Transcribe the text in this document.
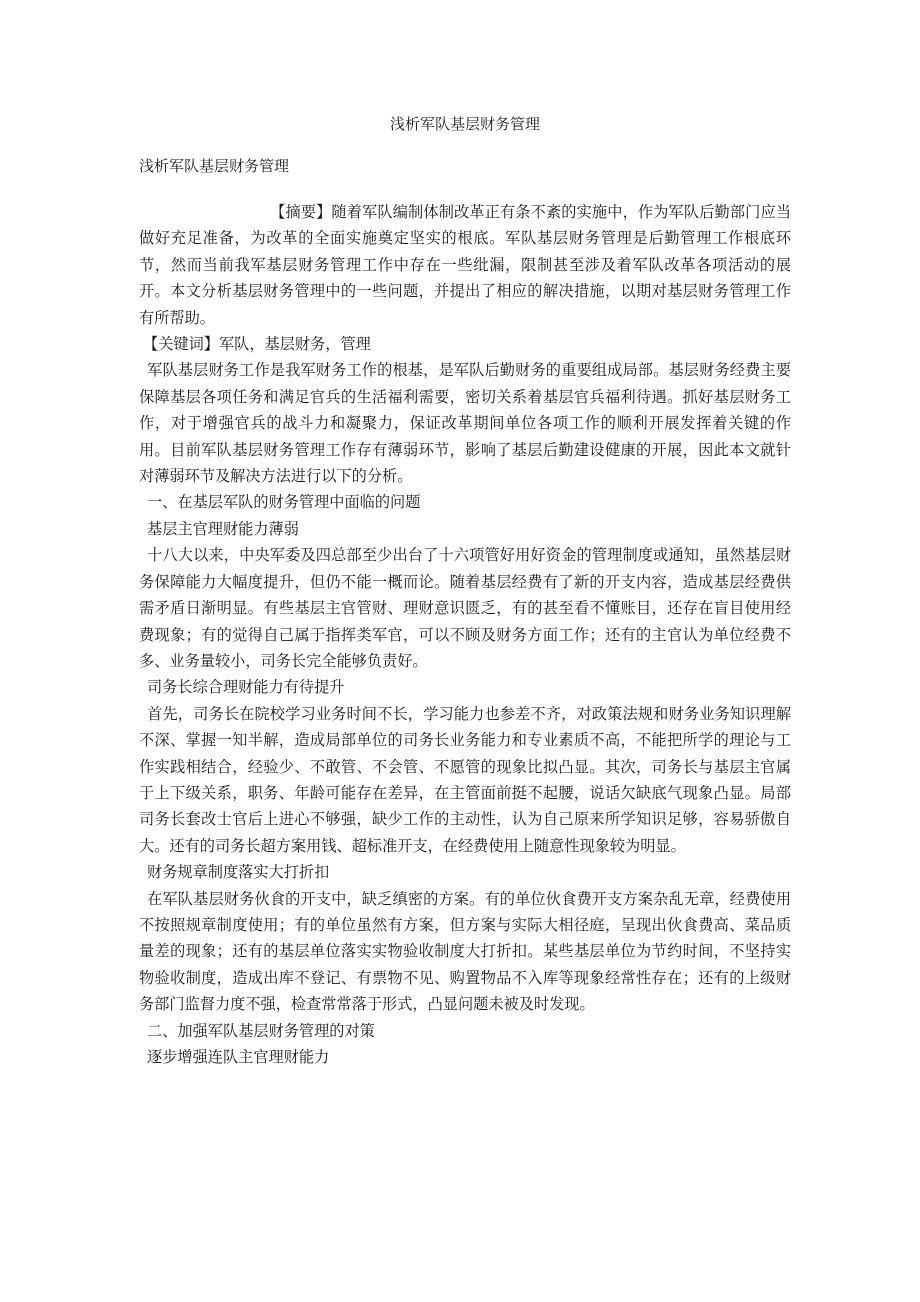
浅析军队基层财务管理
浅析军队基层财务管理

【摘要】随着军队编制体制改革正有条不紊的实施中，作为军队后勤部门应当做好充足准备，为改革的全面实施奠定坚实的根底。军队基层财务管理是后勤管理工作根底环节，然而当前我军基层财务管理工作中存在一些纰漏，限制甚至涉及着军队改革各项活动的展开。本文分析基层财务管理中的一些问题，并提出了相应的解决措施，以期对基层财务管理工作有所帮助。

【关键词】军队，基层财务，管理

军队基层财务工作是我军财务工作的根基，是军队后勤财务的重要组成局部。基层财务经费主要保障基层各项任务和满足官兵的生活福利需要，密切关系着基层官兵福利待遇。抓好基层财务工作，对于增强官兵的战斗力和凝聚力，保证改革期间单位各项工作的顺利开展发挥着关键的作用。目前军队基层财务管理工作存有薄弱环节，影响了基层后勤建设健康的开展，因此本文就针对薄弱环节及解决方法进行以下的分析。

一、在基层军队的财务管理中面临的问题

基层主官理财能力薄弱

十八大以来，中央军委及四总部至少出台了十六项管好用好资金的管理制度或通知，虽然基层财务保障能力大幅度提升，但仍不能一概而论。随着基层经费有了新的开支内容，造成基层经费供需矛盾日渐明显。有些基层主官管财、理财意识匮乏，有的甚至看不懂账目，还存在盲目使用经费现象；有的觉得自己属于指挥类军官，可以不顾及财务方面工作；还有的主官认为单位经费不多、业务量较小，司务长完全能够负责好。

司务长综合理财能力有待提升

首先，司务长在院校学习业务时间不长，学习能力也参差不齐，对政策法规和财务业务知识理解不深、掌握一知半解，造成局部单位的司务长业务能力和专业素质不高，不能把所学的理论与工作实践相结合，经验少、不敢管、不会管、不愿管的现象比拟凸显。其次，司务长与基层主官属于上下级关系，职务、年龄可能存在差异，在主管面前挺不起腰，说话欠缺底气现象凸显。局部司务长套改士官后上进心不够强，缺少工作的主动性，认为自己原来所学知识足够，容易骄傲自大。还有的司务长超方案用钱、超标准开支，在经费使用上随意性现象较为明显。

财务规章制度落实大打折扣

在军队基层财务伙食的开支中，缺乏缜密的方案。有的单位伙食费开支方案杂乱无章，经费使用不按照规章制度使用；有的单位虽然有方案，但方案与实际大相径庭，呈现出伙食费高、菜品质量差的现象；还有的基层单位落实实物验收制度大打折扣。某些基层单位为节约时间，不坚持实物验收制度，造成出库不登记、有票物不见、购置物品不入库等现象经常性存在；还有的上级财务部门监督力度不强，检查常常落于形式，凸显问题未被及时发现。

二、加强军队基层财务管理的对策

逐步增强连队主官理财能力
